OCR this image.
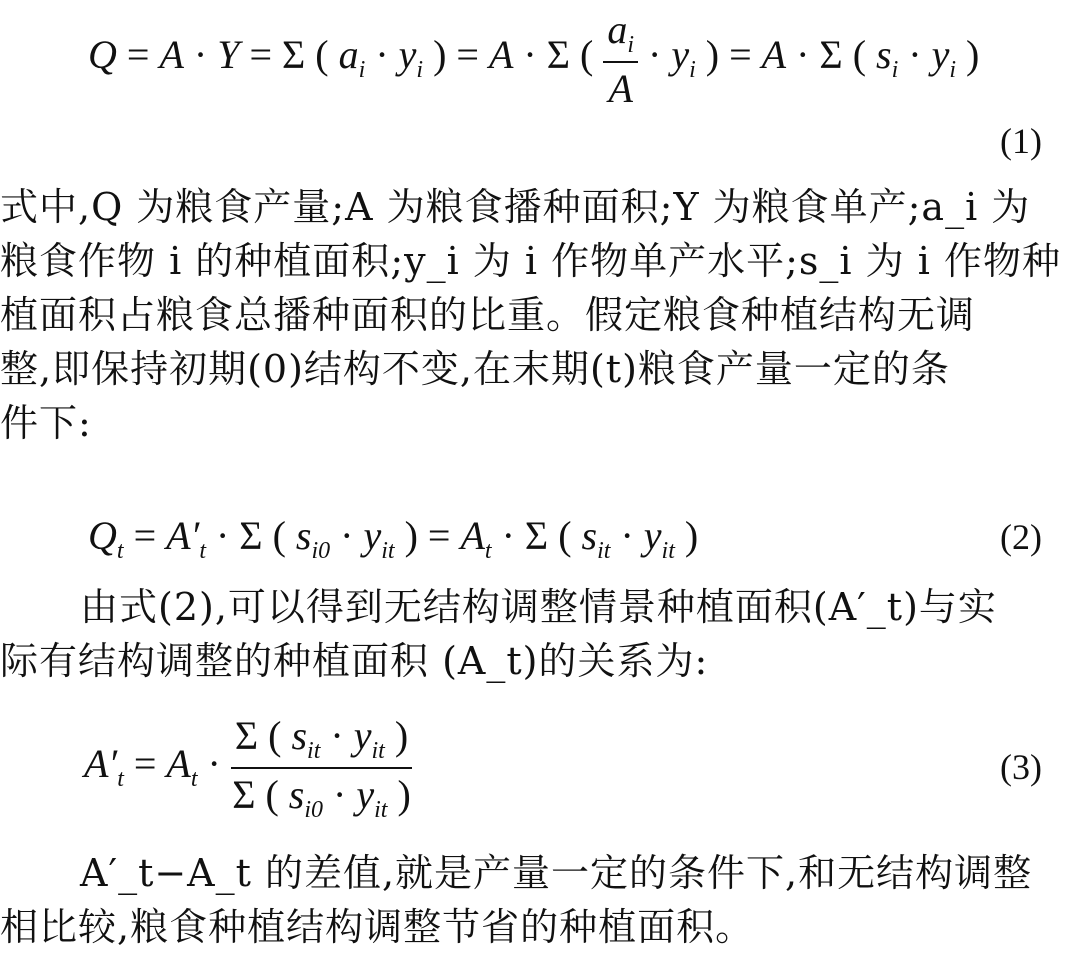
Q = A · Y = Σ ( $a_i \cdot y_i$ ) = A · Σ ( $\frac{a_i}{A} \cdot y_i$ ) = A · Σ ( $s_i \cdot y_i$ )
(1)
式中,Q 为粮食产量;A 为粮食播种面积;Y 为粮食单产;a_i 为
粮食作物 i 的种植面积;y_i 为 i 作物单产水平;s_i 为 i 作物种
植面积占粮食总播种面积的比重。假定粮食种植结构无调
整,即保持初期(0)结构不变,在末期(t)粮食产量一定的条
件下:
$Q_t = A'_t \cdot \Sigma$ ( $s_{i0} \cdot y_{it}$ ) = $A_t \cdot \Sigma$ ( $s_{it} \cdot y_{it}$ )	(2)
由式(2),可以得到无结构调整情景种植面积(A′_t)与实
际有结构调整的种植面积 (A_t)的关系为:
$A'_t = A_t \cdot \frac{\Sigma ( s_{it} \cdot y_{it} )}{\Sigma ( s_{i0} \cdot y_{it} )}$	(3)
A′_t−A_t 的差值,就是产量一定的条件下,和无结构调整
相比较,粮食种植结构调整节省的种植面积。
